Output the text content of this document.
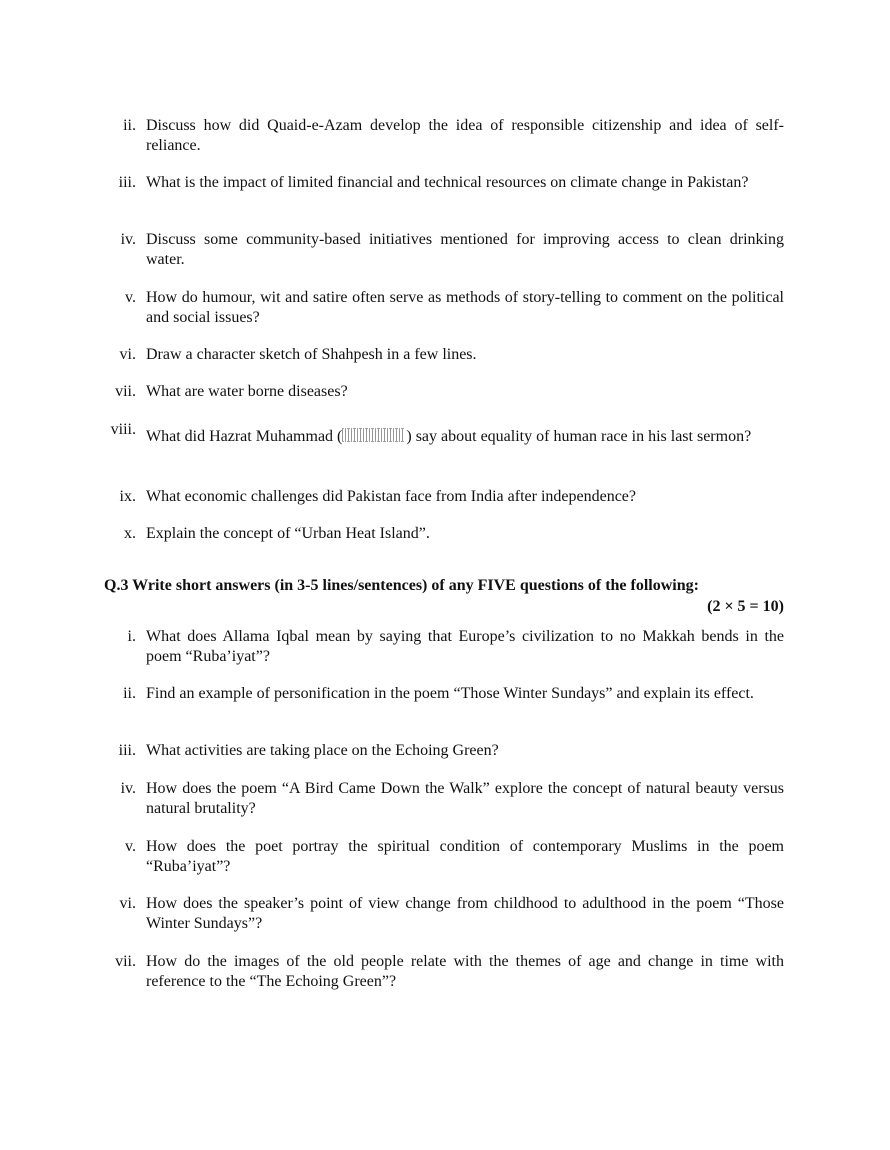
ii. Discuss how did Quaid-e-Azam develop the idea of responsible citizenship and idea of self-reliance.
iii. What is the impact of limited financial and technical resources on climate change in Pakistan?
iv. Discuss some community-based initiatives mentioned for improving access to clean drinking water.
v. How do humour, wit and satire often serve as methods of story-telling to comment on the political and social issues?
vi. Draw a character sketch of Shahpesh in a few lines.
vii. What are water borne diseases?
viii. What did Hazrat Muhammad (	) say about equality of human race in his last sermon?
ix. What economic challenges did Pakistan face from India after independence?
x. Explain the concept of “Urban Heat Island”.
Q.3 Write short answers (in 3-5 lines/sentences) of any FIVE questions of the following:
(2 × 5 = 10)
i. What does Allama Iqbal mean by saying that Europe’s civilization to no Makkah bends in the poem “Ruba’iyat”?
ii. Find an example of personification in the poem “Those Winter Sundays” and explain its effect.
iii. What activities are taking place on the Echoing Green?
iv. How does the poem “A Bird Came Down the Walk” explore the concept of natural beauty versus natural brutality?
v. How does the poet portray the spiritual condition of contemporary Muslims in the poem “Ruba’iyat”?
vi. How does the speaker’s point of view change from childhood to adulthood in the poem “Those Winter Sundays”?
vii. How do the images of the old people relate with the themes of age and change in time with reference to the “The Echoing Green”?
